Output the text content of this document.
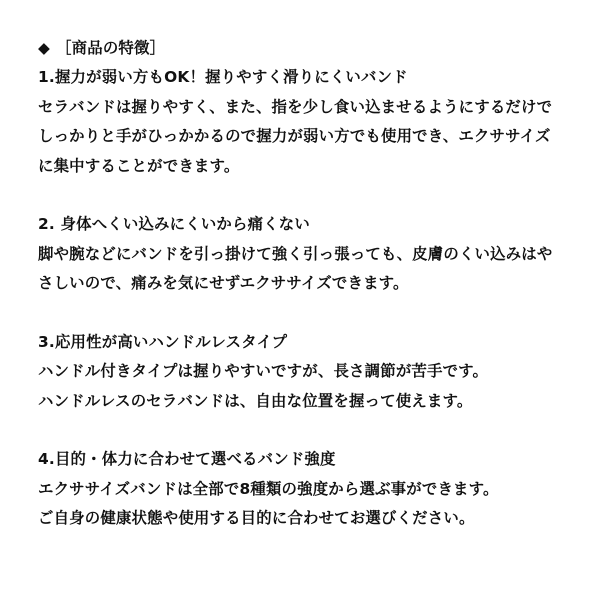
◆ ［商品の特徴］
1.握力が弱い方もOK！握りやすく滑りにくいバンド
セラバンドは握りやすく、また、指を少し食い込ませるようにするだけで
しっかりと手がひっかかるので握力が弱い方でも使用でき、エクササイズ
に集中することができます。
2. 身体へくい込みにくいから痛くない
脚や腕などにバンドを引っ掛けて強く引っ張っても、皮膚のくい込みはや
さしいので、痛みを気にせずエクササイズできます。
3.応用性が高いハンドルレスタイプ
ハンドル付きタイプは握りやすいですが、長さ調節が苦手です。
ハンドルレスのセラバンドは、自由な位置を握って使えます。
4.目的・体力に合わせて選べるバンド強度
エクササイズバンドは全部で8種類の強度から選ぶ事ができます。
ご自身の健康状態や使用する目的に合わせてお選びください。
